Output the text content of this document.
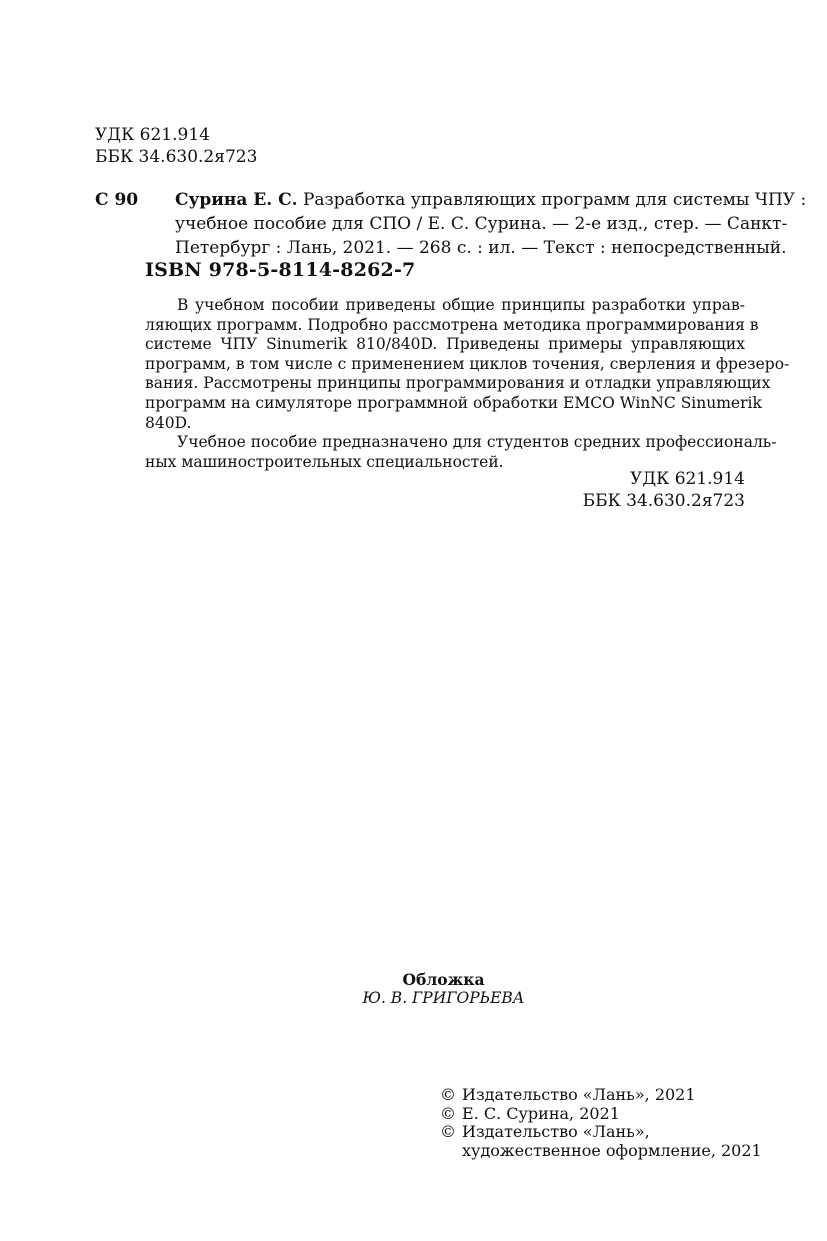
УДК 621.914
ББК 34.630.2я723
С 90 Сурина Е. С. Разработка управляющих программ для системы ЧПУ :
учебное пособие для СПО / Е. С. Сурина. — 2-е изд., стер. — Санкт-
Петербург : Лань, 2021. — 268 с. : ил. — Текст : непосредственный.
ISBN 978-5-8114-8262-7
В учебном пособии приведены общие принципы разработки управ-
ляющих программ. Подробно рассмотрена методика программирования в
системе ЧПУ Sinumerik 810/840D. Приведены примеры управляющих
программ, в том числе с применением циклов точения, сверления и фрезеро-
вания. Рассмотрены принципы программирования и отладки управляющих
программ на симуляторе программной обработки EMCO WinNC Sinumerik
840D.
Учебное пособие предназначено для студентов средних профессиональ-
ных машиностроительных специальностей.
УДК 621.914
ББК 34.630.2я723
Обложка
Ю. В. ГРИГОРЬЕВА
© Издательство «Лань», 2021
© Е. С. Сурина, 2021
© Издательство «Лань»,
художественное оформление, 2021
